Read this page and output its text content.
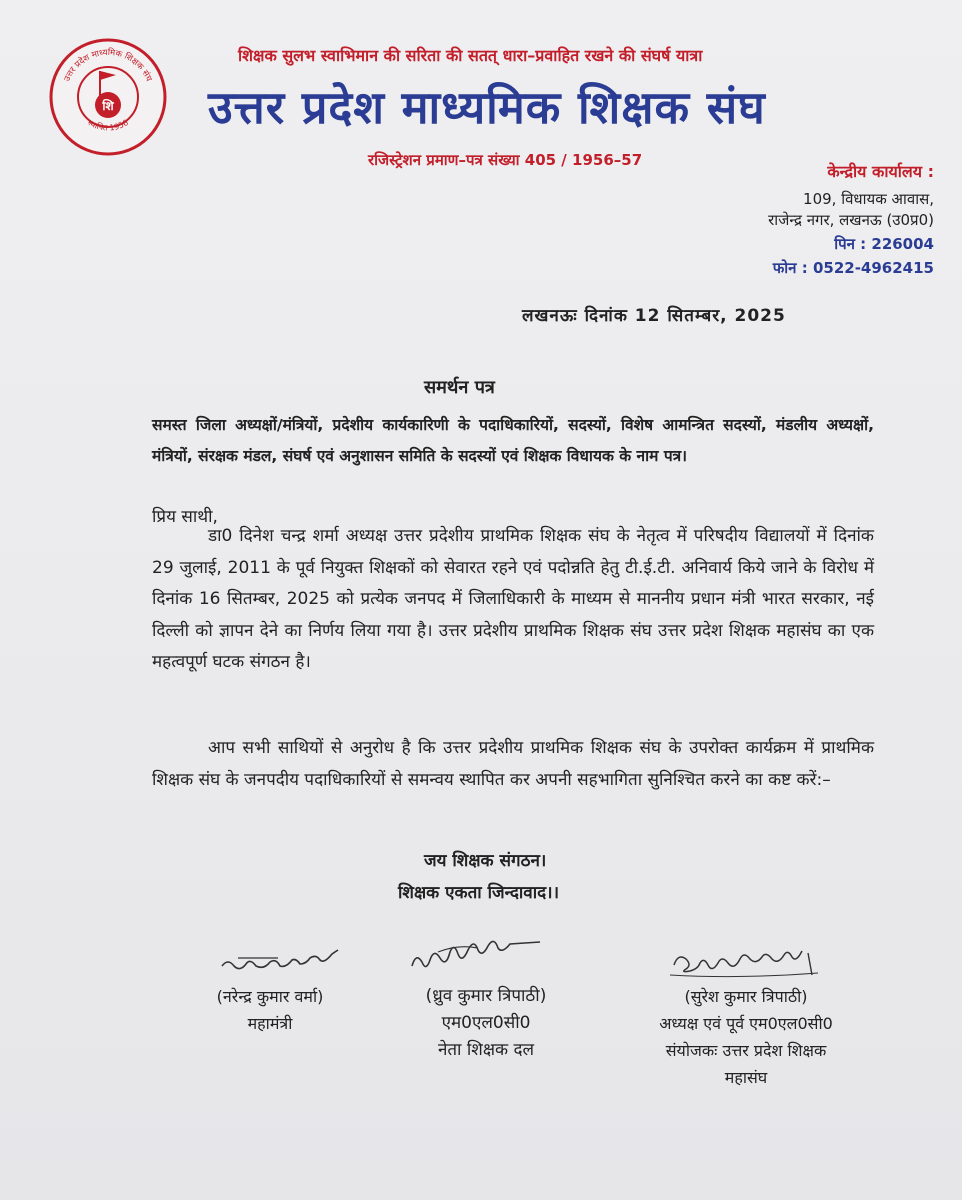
उत्तर प्रदेश माध्यमिक शिक्षक संघ
स्थापित 1956
शि
शिक्षक सुलभ स्वाभिमान की सरिता की सतत् धारा–प्रवाहित रखने की संघर्ष यात्रा
उत्तर प्रदेश माध्यमिक शिक्षक संघ
रजिस्ट्रेशन प्रमाण–पत्र संख्या 405 / 1956–57
केन्द्रीय कार्यालय :
109, विधायक आवास,
राजेन्द्र नगर, लखनऊ (उ0प्र0)
पिन : 226004
फोन : 0522-4962415
लखनऊः दिनांक 12 सितम्बर, 2025
समर्थन पत्र
समस्त जिला अध्यक्षों/मंत्रियों, प्रदेशीय कार्यकारिणी के पदाधिकारियों, सदस्यों, विशेष आमन्त्रित सदस्यों, मंडलीय अध्यक्षों, मंत्रियों, संरक्षक मंडल, संघर्ष एवं अनुशासन समिति के सदस्यों एवं शिक्षक विधायक के नाम पत्र।
प्रिय साथी,
डा0 दिनेश चन्द्र शर्मा अध्यक्ष उत्तर प्रदेशीय प्राथमिक शिक्षक संघ के नेतृत्व में परिषदीय विद्यालयों में दिनांक 29 जुलाई, 2011 के पूर्व नियुक्त शिक्षकों को सेवारत रहने एवं पदोन्नति हेतु टी.ई.टी. अनिवार्य किये जाने के विरोध में दिनांक 16 सितम्बर, 2025 को प्रत्येक जनपद में जिलाधिकारी के माध्यम से माननीय प्रधान मंत्री भारत सरकार, नई दिल्ली को ज्ञापन देने का निर्णय लिया गया है। उत्तर प्रदेशीय प्राथमिक शिक्षक संघ उत्तर प्रदेश शिक्षक महासंघ का एक महत्वपूर्ण घटक संगठन है।
आप सभी साथियों से अनुरोध है कि उत्तर प्रदेशीय प्राथमिक शिक्षक संघ के उपरोक्त कार्यक्रम में प्राथमिक शिक्षक संघ के जनपदीय पदाधिकारियों से समन्वय स्थापित कर अपनी सहभागिता सुनिश्चित करने का कष्ट करें:–
जय शिक्षक संगठन।
शिक्षक एकता जिन्दावाद।।
(नरेन्द्र कुमार वर्मा)
महामंत्री
(ध्रुव कुमार त्रिपाठी)
एम0एल0सी0
नेता शिक्षक दल
(सुरेश कुमार त्रिपाठी)
अध्यक्ष एवं पूर्व एम0एल0सी0
संयोजकः उत्तर प्रदेश शिक्षक
महासंघ
